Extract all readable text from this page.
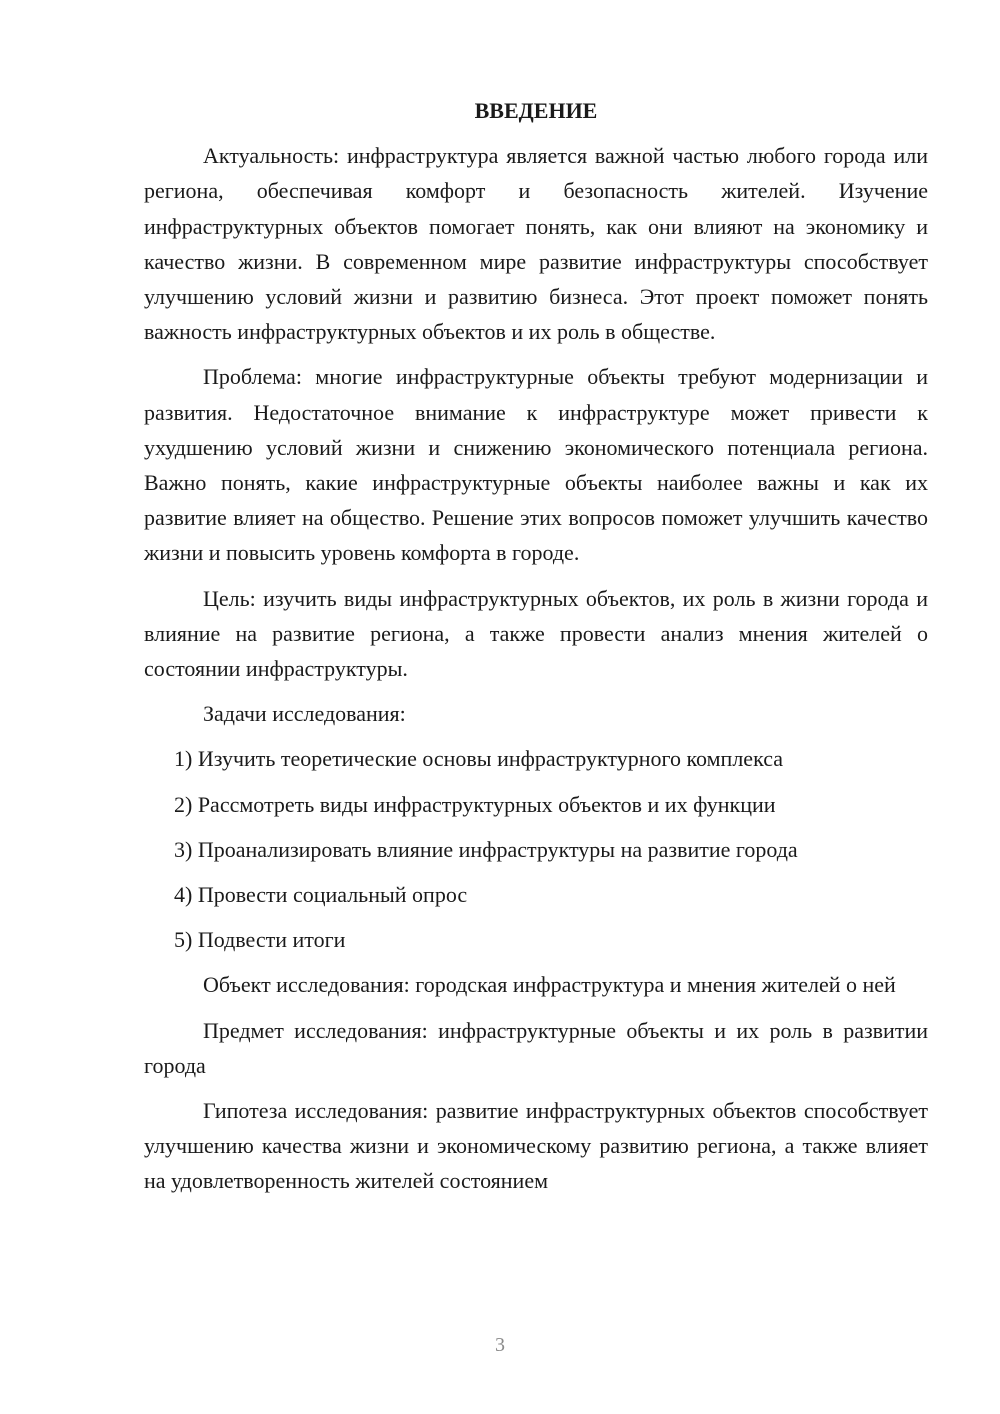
ВВЕДЕНИЕ

Актуальность: инфраструктура является важной частью любого города или региона, обеспечивая комфорт и безопасность жителей. Изучение инфраструктурных объектов помогает понять, как они влияют на экономику и качество жизни. В современном мире развитие инфраструктуры способствует улучшению условий жизни и развитию бизнеса. Этот проект поможет понять важность инфраструктурных объектов и их роль в обществе.

Проблема: многие инфраструктурные объекты требуют модернизации и развития. Недостаточное внимание к инфраструктуре может привести к ухудшению условий жизни и снижению экономического потенциала региона. Важно понять, какие инфраструктурные объекты наиболее важны и как их развитие влияет на общество. Решение этих вопросов поможет улучшить качество жизни и повысить уровень комфорта в городе.

Цель: изучить виды инфраструктурных объектов, их роль в жизни города и влияние на развитие региона, а также провести анализ мнения жителей о состоянии инфраструктуры.

Задачи исследования:

1) Изучить теоретические основы инфраструктурного комплекса
2) Рассмотреть виды инфраструктурных объектов и их функции
3) Проанализировать влияние инфраструктуры на развитие города
4) Провести социальный опрос
5) Подвести итоги

Объект исследования: городская инфраструктура и мнения жителей о ней

Предмет исследования: инфраструктурные объекты и их роль в развитии города

Гипотеза исследования: развитие инфраструктурных объектов способствует улучшению качества жизни и экономическому развитию региона, а также влияет на удовлетворенность жителей состоянием

3
